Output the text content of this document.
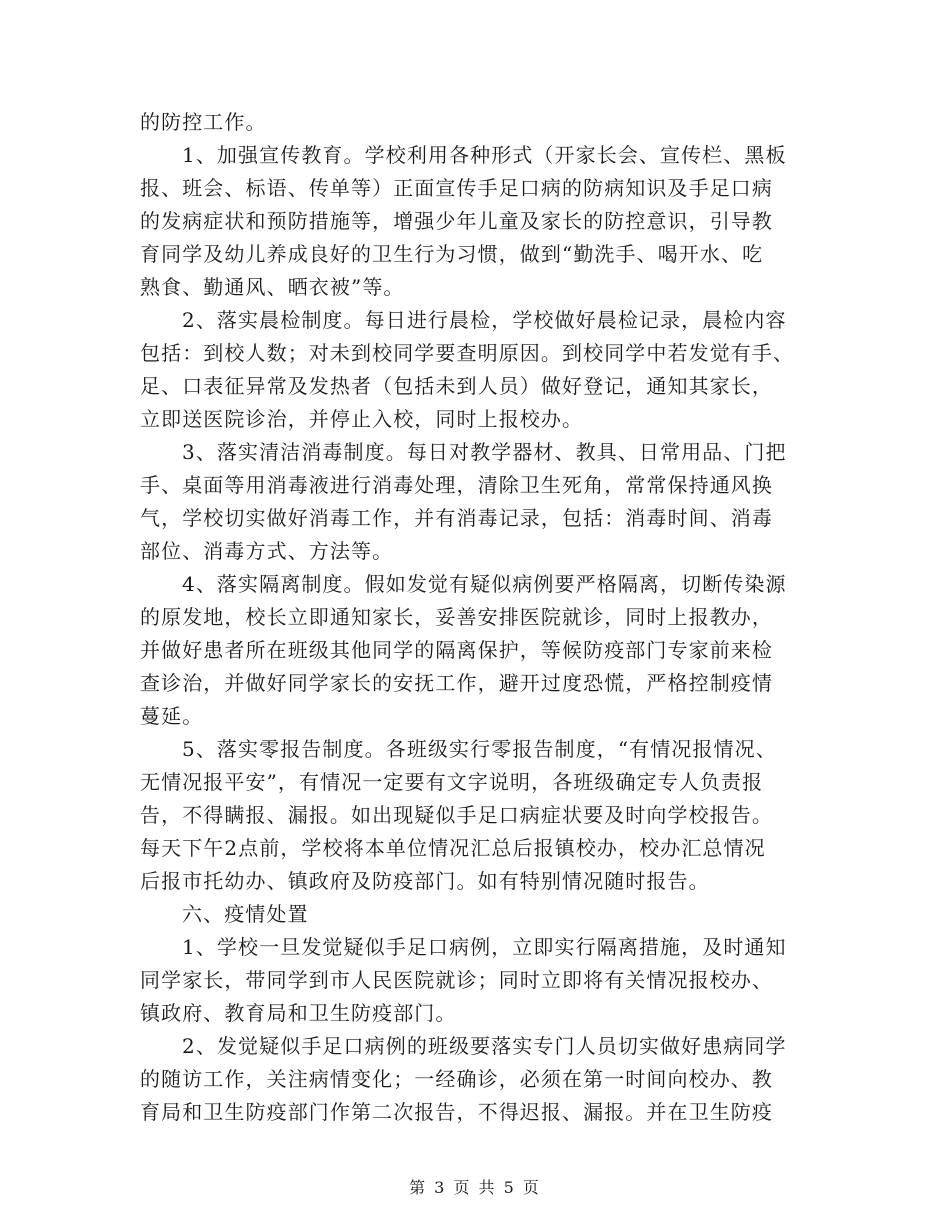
的防控工作。
1、加强宣传教育。学校利用各种形式（开家长会、宣传栏、黑板
报、班会、标语、传单等）正面宣传手足口病的防病知识及手足口病
的发病症状和预防措施等，增强少年儿童及家长的防控意识，引导教
育同学及幼儿养成良好的卫生行为习惯，做到“勤洗手、喝开水、吃
熟食、勤通风、晒衣被”等。
2、落实晨检制度。每日进行晨检，学校做好晨检记录，晨检内容
包括：到校人数；对未到校同学要查明原因。到校同学中若发觉有手、
足、口表征异常及发热者（包括未到人员）做好登记，通知其家长，
立即送医院诊治，并停止入校，同时上报校办。
3、落实清洁消毒制度。每日对教学器材、教具、日常用品、门把
手、桌面等用消毒液进行消毒处理，清除卫生死角，常常保持通风换
气，学校切实做好消毒工作，并有消毒记录，包括：消毒时间、消毒
部位、消毒方式、方法等。
4、落实隔离制度。假如发觉有疑似病例要严格隔离，切断传染源
的原发地，校长立即通知家长，妥善安排医院就诊，同时上报教办，
并做好患者所在班级其他同学的隔离保护，等候防疫部门专家前来检
查诊治，并做好同学家长的安抚工作，避开过度恐慌，严格控制疫情
蔓延。
5、落实零报告制度。各班级实行零报告制度，“有情况报情况、
无情况报平安”，有情况一定要有文字说明，各班级确定专人负责报
告，不得瞒报、漏报。如出现疑似手足口病症状要及时向学校报告。
每天下午2点前，学校将本单位情况汇总后报镇校办，校办汇总情况
后报市托幼办、镇政府及防疫部门。如有特别情况随时报告。
六、疫情处置
1、学校一旦发觉疑似手足口病例，立即实行隔离措施，及时通知
同学家长，带同学到市人民医院就诊；同时立即将有关情况报校办、
镇政府、教育局和卫生防疫部门。
2、发觉疑似手足口病例的班级要落实专门人员切实做好患病同学
的随访工作，关注病情变化；一经确诊，必须在第一时间向校办、教
育局和卫生防疫部门作第二次报告，不得迟报、漏报。并在卫生防疫
第 3 页 共 5 页
